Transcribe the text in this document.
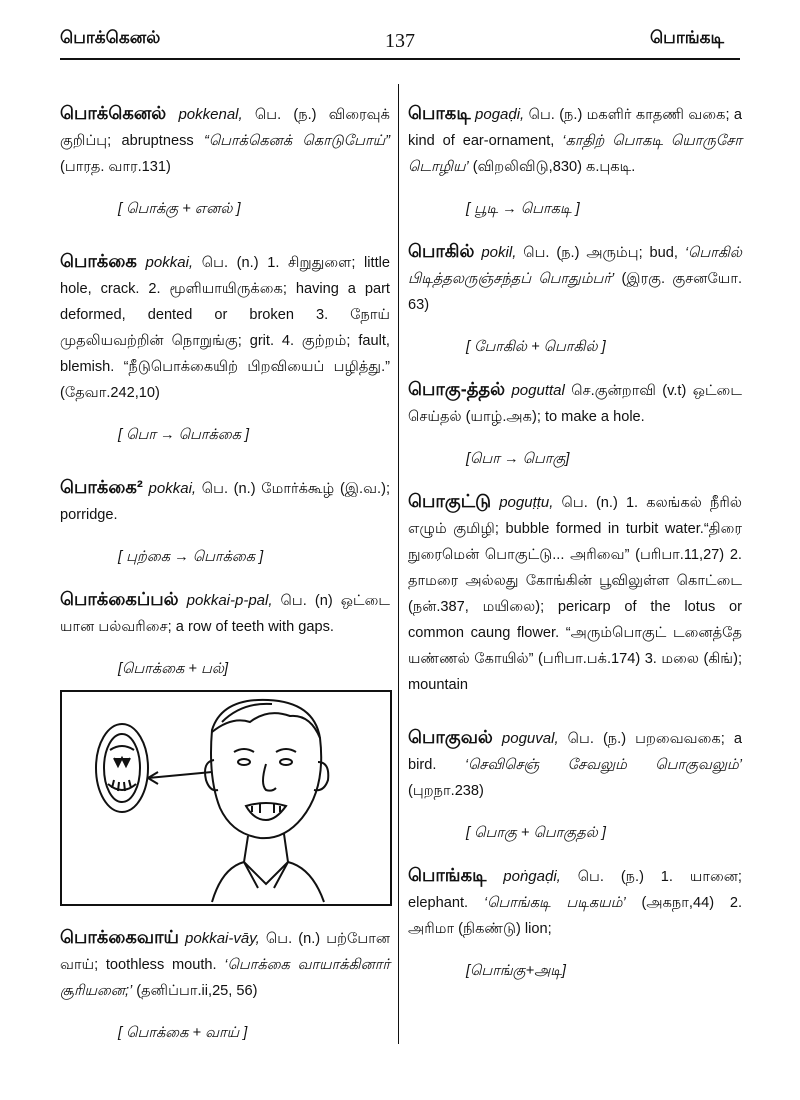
பொக்கெனல்	137	பொங்கடி
பொக்கெனல் pokkenal, பெ. (ந.) விரைவுக் குறிப்பு; abruptness “பொக்கெனக் கொடுபோய்” (பாரத. வார.131)
[ பொக்கு + எனல் ]
பொக்கை pokkai, பெ. (n.) 1. சிறுதுளை; little hole, crack. 2. மூளியாயிருக்கை; having a part deformed, dented or broken 3. நோய் முதலியவற்றின் நொறுங்கு; grit. 4. குற்றம்; fault, blemish. “நீடுபொக்கையிற் பிறவியைப் பழித்து.” (தேவா.242,10)
[ பொ → பொக்கை ]
பொக்கை² pokkai, பெ. (n.) மோர்க்கூழ் (இ.வ.); porridge.
[ புற்கை → பொக்கை ]
பொக்கைப்பல் pokkai-p-pal, பெ. (n) ஒட்டை யான பல்வரிசை; a row of teeth with gaps.
[பொக்கை + பல்]
பொக்கைவாய் pokkai-vāy, பெ. (n.) பற்போன வாய்; toothless mouth. ‘பொக்கை வாயாக்கினார் சூரியனை;’ (தனிப்பா.ii,25, 56)
[ பொக்கை + வாய் ]
பொகடி pogaḍi, பெ. (ந.) மகளிர் காதணி வகை; a kind of ear-ornament, ‘காதிற் பொகடி யொருசோ டொழிய’ (விறலிவிடு,830) க.புகடி.
[ பூடி → பொகடி ]
பொகில் pokil, பெ. (ந.) அரும்பு; bud, ‘பொகில் பிடித்தலருஞ்சந்தப் பொதும்பர்’ (இரகு. குசனயோ. 63)
[ போகில் + பொகில் ]
பொகு-த்தல் poguttal செ.குன்றாவி (v.t) ஒட்டை செய்தல் (யாழ்.அக); to make a hole.
[பொ → பொகு]
பொகுட்டு poguṭṭu, பெ. (n.) 1. கலங்கல் நீரில் எழும் குமிழி; bubble formed in turbit water.“திரை நுரைமென் பொகுட்டு... அரிவை” (பரிபா.11,27) 2. தாமரை அல்லது கோங்கின் பூவிலுள்ள கொட்டை (நன்.387, மயிலை); pericarp of the lotus or common caung flower. “அரும்பொகுட் டனைத்தே யண்ணல் கோயில்” (பரிபா.பக்.174) 3. மலை (கிங்); mountain
பொகுவல் poguval, பெ. (ந.) பறவைவகை; a bird. ‘செவிசெஞ் சேவலும் பொகுவலும்’ (புறநா.238)
[ பொகு + பொகுதல் ]
பொங்கடி poṅgaḍi, பெ. (ந.) 1. யானை; elephant. ‘பொங்கடி படிகயம்’ (அகநா,44) 2. அரிமா (நிகண்டு) lion;
[பொங்கு+அடி]
